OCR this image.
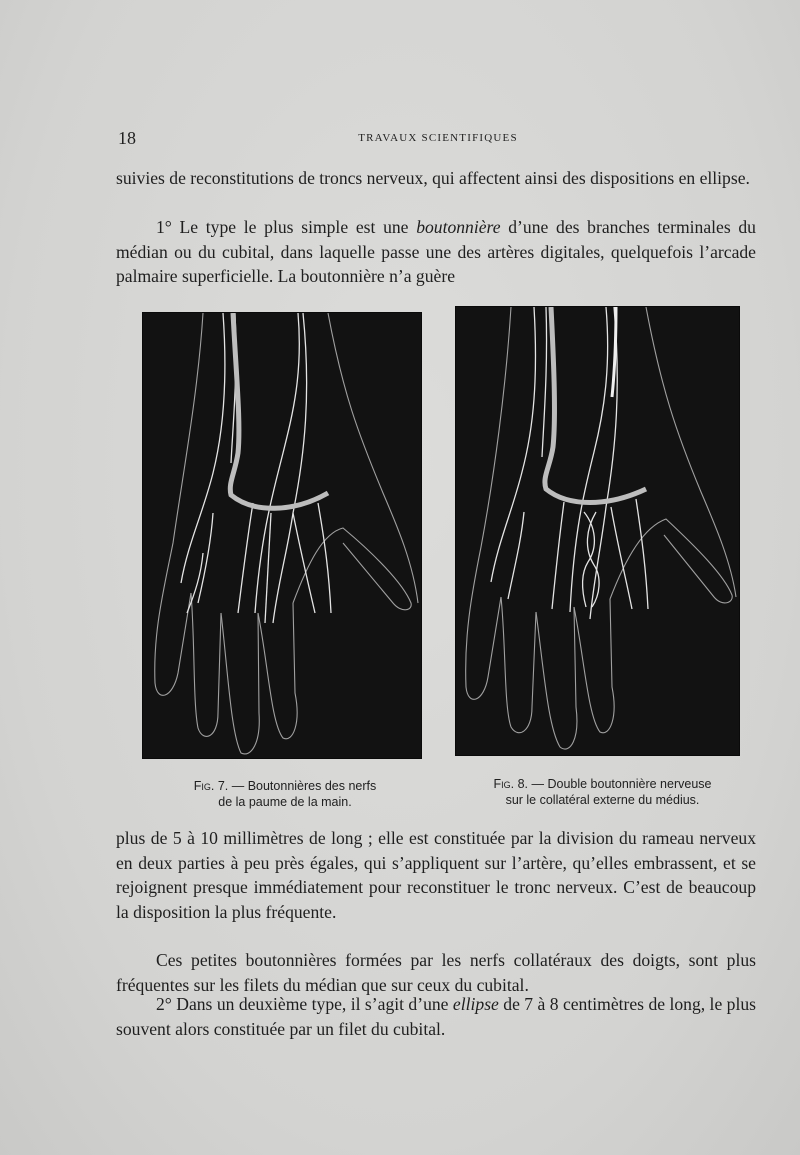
18	TRAVAUX SCIENTIFIQUES

suivies de reconstitutions de troncs nerveux, qui affectent ainsi des dispositions en ellipse.

1° Le type le plus simple est une boutonnière d’une des branches terminales du médian ou du cubital, dans laquelle passe une des artères digitales, quelquefois l’arcade palmaire superficielle. La boutonnière n’a guère

Fig. 7. — Boutonnières des nerfs
de la paume de la main.
Fig. 8. — Double boutonnière nerveuse
sur le collatéral externe du médius.

plus de 5 à 10 millimètres de long ; elle est constituée par la division du rameau nerveux en deux parties à peu près égales, qui s’appliquent sur l’artère, qu’elles embrassent, et se rejoignent presque immédiatement pour reconstituer le tronc nerveux. C’est de beaucoup la disposition la plus fréquente.

Ces petites boutonnières formées par les nerfs collatéraux des doigts, sont plus fréquentes sur les filets du médian que sur ceux du cubital.

2° Dans un deuxième type, il s’agit d’une ellipse de 7 à 8 centimètres de long, le plus souvent alors constituée par un filet du cubital.
